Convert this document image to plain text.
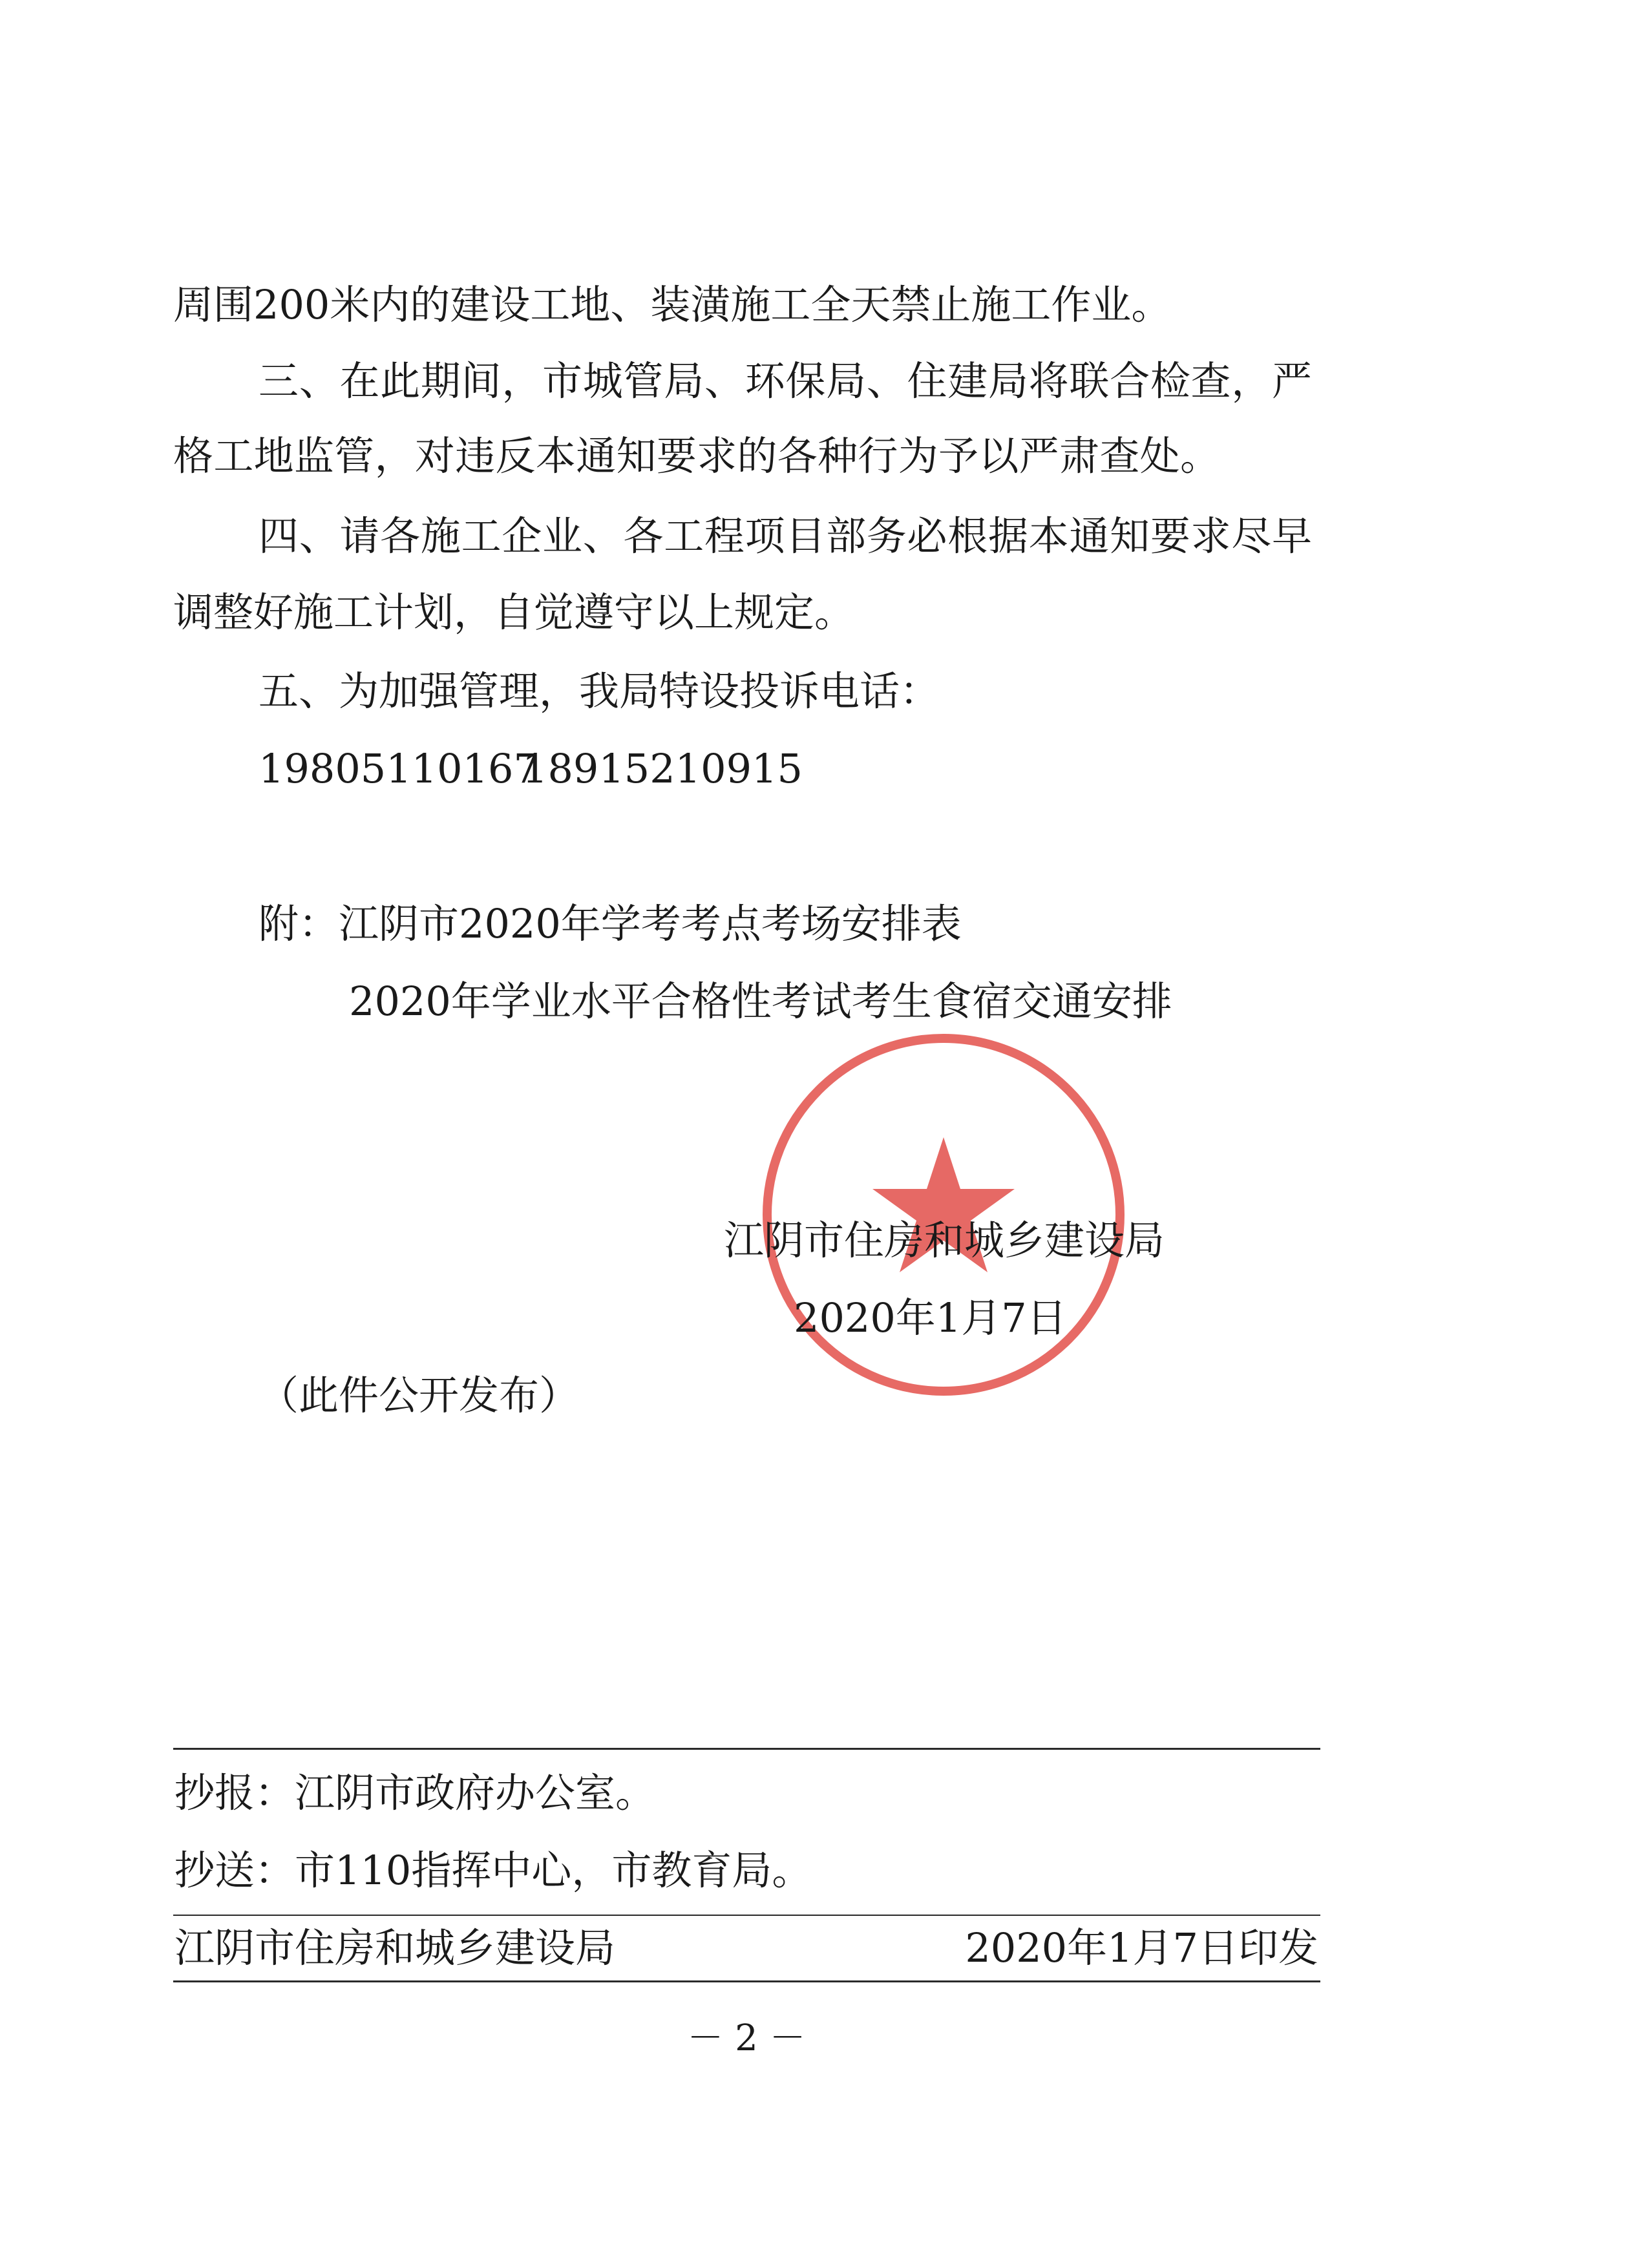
周围200米内的建设工地、装潢施工全天禁止施工作业。
三、在此期间，市城管局、环保局、住建局将联合检查，严
格工地监管，对违反本通知要求的各种行为予以严肃查处。
四、请各施工企业、各工程项目部务必根据本通知要求尽早
调整好施工计划，自觉遵守以上规定。
五、为加强管理，我局特设投诉电话：
19805110167
18915210915
附：江阴市2020年学考考点考场安排表
2020年学业水平合格性考试考生食宿交通安排
江阴市住房和城乡建设局
2020年1月7日
（此件公开发布）
抄报：江阴市政府办公室。
抄送：市110指挥中心，市教育局。
江阴市住房和城乡建设局	2020年1月7日印发
－ 2 －
